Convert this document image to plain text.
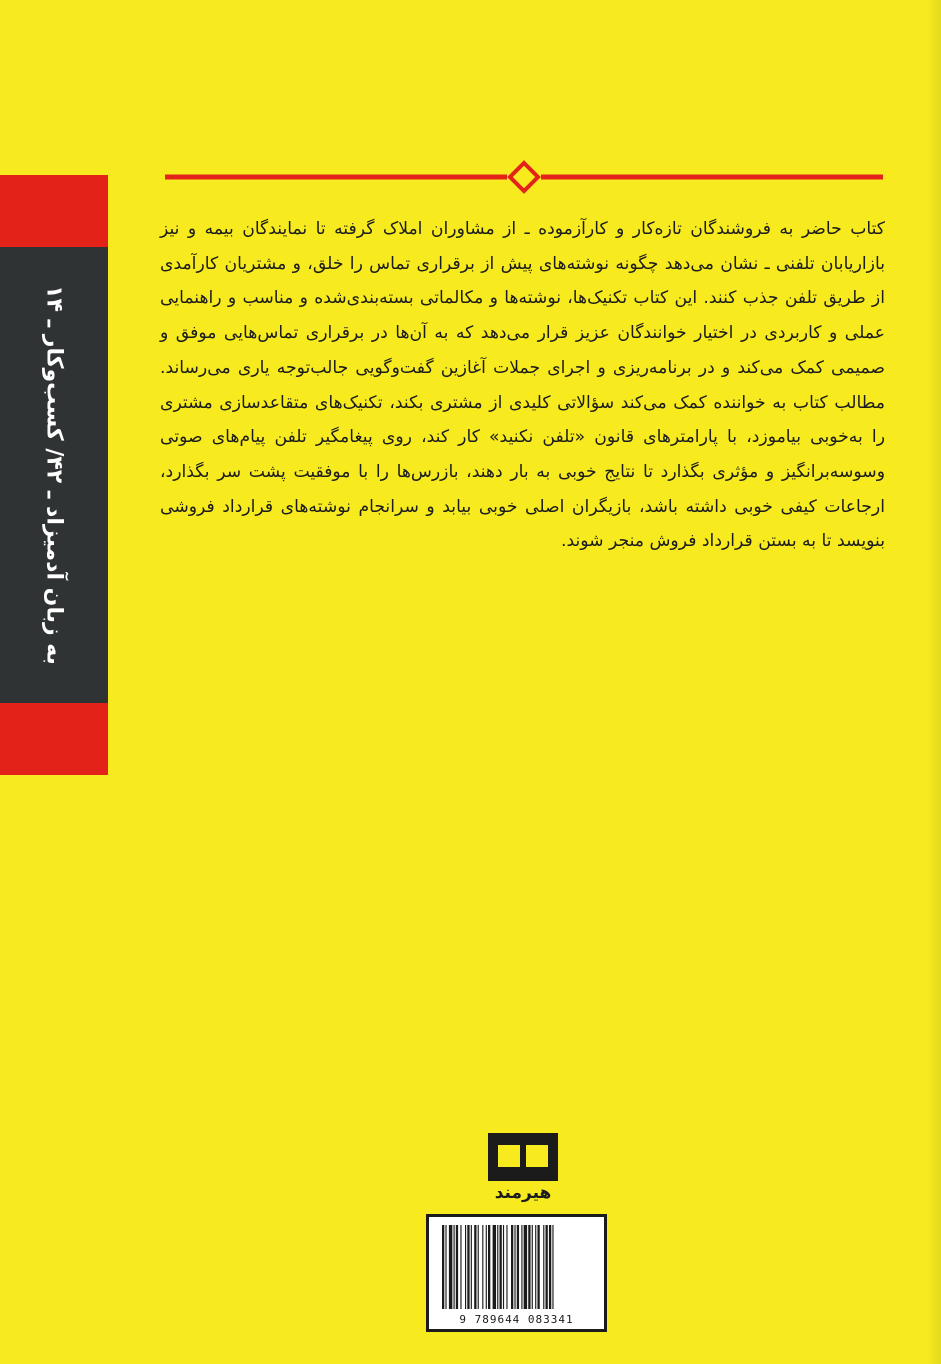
به زبان آدمیزاد ـ ۴۲/ کسب‌وکار ـ ۱۴

کتاب حاضر به فروشندگان تازه‌کار و کارآزموده ـ از مشاوران املاک گرفته تا نمایندگان بیمه و نیز بازاریابان تلفنی ـ نشان می‌دهد چگونه نوشته‌های پیش از برقراری تماس را خلق، و مشتریان کارآمدی از طریق تلفن جذب کنند. این کتاب تکنیک‌ها، نوشته‌ها و مکالماتی بسته‌بندی‌شده و مناسب و راهنمایی عملی و کاربردی در اختیار خوانندگان عزیز قرار می‌دهد که به آن‌ها در برقراری تماس‌هایی موفق و صمیمی کمک می‌کند و در برنامه‌ریزی و اجرای جملات آغازین گفت‌وگویی جالب‌توجه یاری می‌رساند. مطالب کتاب به خواننده کمک می‌کند سؤالاتی کلیدی از مشتری بکند، تکنیک‌های متقاعدسازی مشتری را به‌خوبی بیاموزد، با پارامترهای قانون «تلفن نکنید» کار کند، روی پیغامگیر تلفن پیام‌های صوتی وسوسه‌برانگیز و مؤثری بگذارد تا نتایج خوبی به بار دهند، بازرس‌ها را با موفقیت پشت سر بگذارد، ارجاعات کیفی خوبی داشته باشد، بازیگران اصلی خوبی بیابد و سرانجام نوشته‌های قرارداد فروشی بنویسد تا به بستن قرارداد فروش منجر شوند.

هیرمند
9 789644 083341
